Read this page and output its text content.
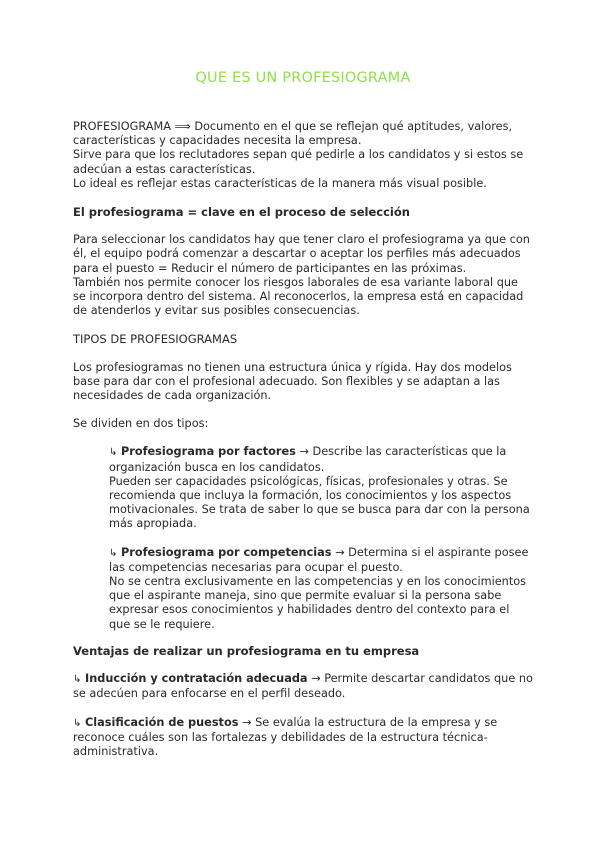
QUE ES UN PROFESIOGRAMA

PROFESIOGRAMA ⟹ Documento en el que se reflejan qué aptitudes, valores, características y capacidades necesita la empresa.

Sirve para que los reclutadores sepan qué pedirle a los candidatos y si estos se adecúan a estas características.

Lo ideal es reflejar estas características de la manera más visual posible.

El profesiograma = clave en el proceso de selección

Para seleccionar los candidatos hay que tener claro el profesiograma ya que con él, el equipo podrá comenzar a descartar o aceptar los perfiles más adecuados para el puesto = Reducir el número de participantes en las próximas.

También nos permite conocer los riesgos laborales de esa variante laboral que se incorpora dentro del sistema. Al reconocerlos, la empresa está en capacidad de atenderlos y evitar sus posibles consecuencias.

TIPOS DE PROFESIOGRAMAS

Los profesiogramas no tienen una estructura única y rígida. Hay dos modelos base para dar con el profesional adecuado. Son flexibles y se adaptan a las necesidades de cada organización.

Se dividen en dos tipos:

↳ Profesiograma por factores → Describe las características que la organización busca en los candidatos.

Pueden ser capacidades psicológicas, físicas, profesionales y otras. Se recomienda que incluya la formación, los conocimientos y los aspectos motivacionales. Se trata de saber lo que se busca para dar con la persona más apropiada.

↳ Profesiograma por competencias → Determina si el aspirante posee las competencias necesarias para ocupar el puesto.

No se centra exclusivamente en las competencias y en los conocimientos que el aspirante maneja, sino que permite evaluar si la persona sabe expresar esos conocimientos y habilidades dentro del contexto para el que se le requiere.

Ventajas de realizar un profesiograma en tu empresa

↳ Inducción y contratación adecuada → Permite descartar candidatos que no se adecúen para enfocarse en el perfil deseado.

↳ Clasificación de puestos → Se evalúa la estructura de la empresa y se reconoce cuáles son las fortalezas y debilidades de la estructura técnica-administrativa.
